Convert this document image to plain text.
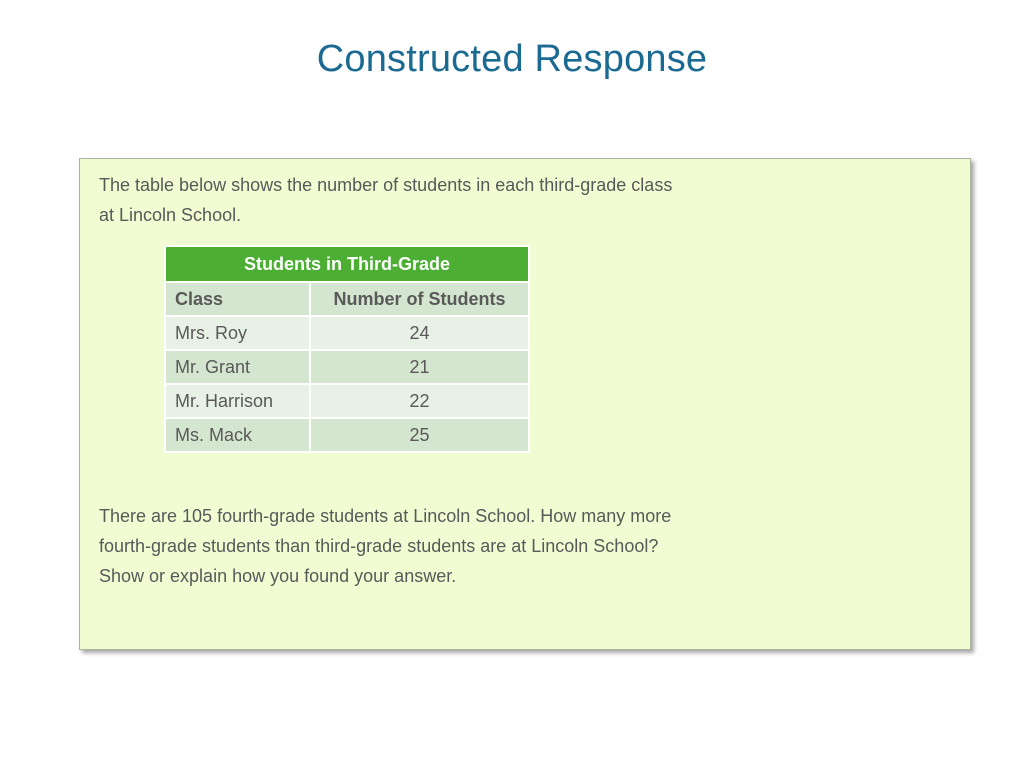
Constructed Response

The table below shows the number of students in each third-grade class
at Lincoln School.

Students in Third-Grade	
Class	Number of Students
Mrs. Roy	24
Mr. Grant	21
Mr. Harrison	22
Ms. Mack	25

There are 105 fourth-grade students at Lincoln School. How many more
fourth-grade students than third-grade students are at Lincoln School?
Show or explain how you found your answer.
